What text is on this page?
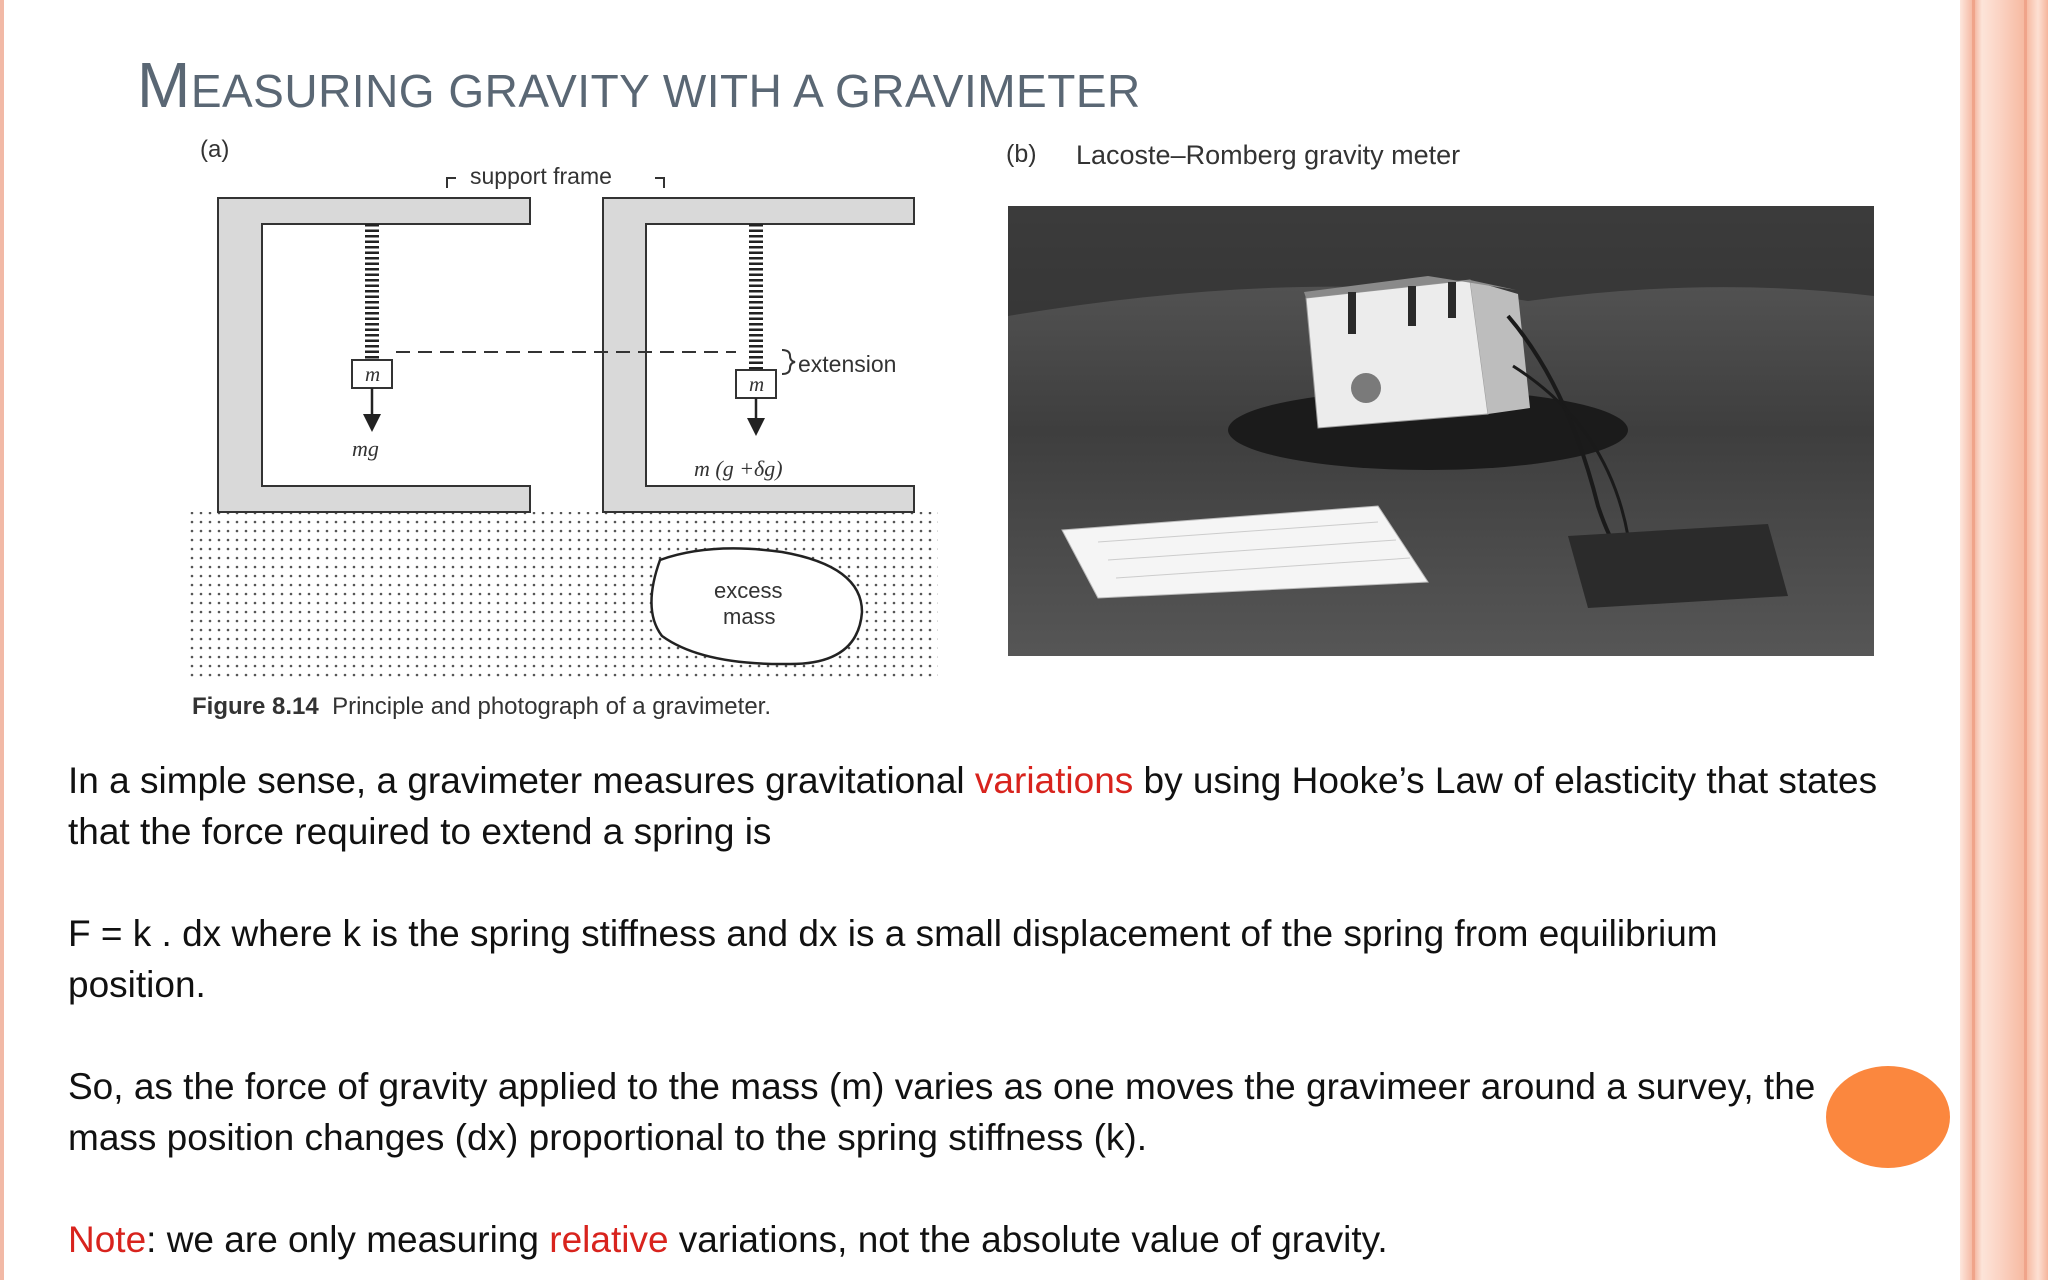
MEASURING GRAVITY WITH A GRAVIMETER
(a)	(b) Lacoste–Romberg gravity meter
support frame
m
mg
m
m (g +δg)
extension
excess
mass
Figure 8.14 Principle and photograph of a gravimeter.
In a simple sense, a gravimeter measures gravitational variations by using Hooke’s Law of elasticity that states
that the force required to extend a spring is
F = k . dx where k is the spring stiffness and dx is a small displacement of the spring from equilibrium
position.
So, as the force of gravity applied to the mass (m) varies as one moves the gravimeer around a survey, the
mass position changes (dx) proportional to the spring stiffness (k).
Note: we are only measuring relative variations, not the absolute value of gravity.
